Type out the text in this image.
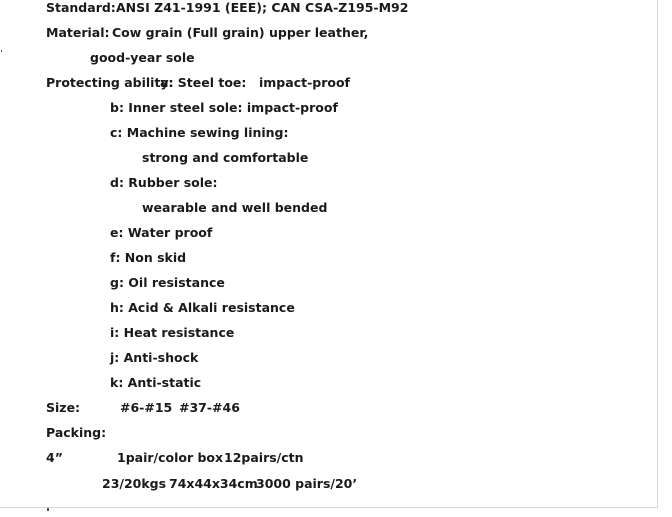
Standard: ANSI Z41-1991 (EEE); CAN CSA-Z195-M92
Material: Cow grain (Full grain) upper leather,
good-year sole
Protecting ability:
a: Steel toe: impact-proof
b: Inner steel sole: impact-proof
c: Machine sewing lining:
strong and comfortable
d: Rubber sole:
wearable and well bended
e: Water proof
f: Non skid
g: Oil resistance
h: Acid & Alkali resistance
i: Heat resistance
j: Anti-shock
k: Anti-static
Size:	#6-#15 #37-#46
Packing:
4”	1pair/color box 12pairs/ctn
23/20kgs 74x44x34cm
3000 pairs/20’
